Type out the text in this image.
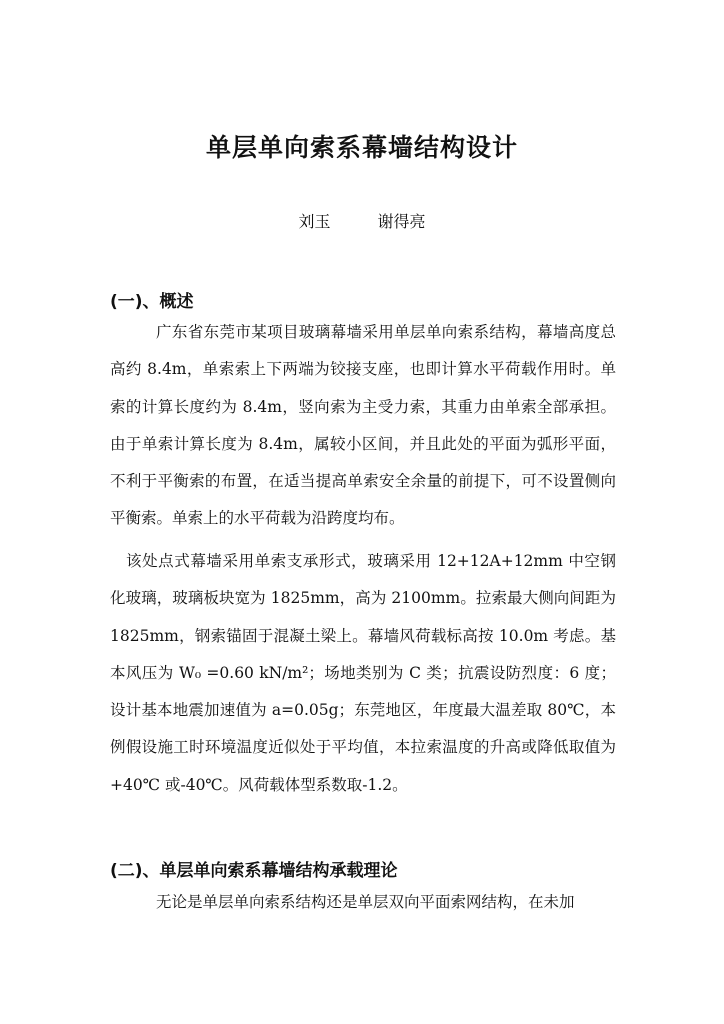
单层单向索系幕墙结构设计
刘玉	谢得亮
(一)、概述

广东省东莞市某项目玻璃幕墙采用单层单向索系结构，幕墙高度总高约 8.4m，单索索上下两端为铰接支座，也即计算水平荷载作用时。单索的计算长度约为 8.4m，竖向索为主受力索，其重力由单索全部承担。由于单索计算长度为 8.4m，属较小区间，并且此处的平面为弧形平面，不利于平衡索的布置，在适当提高单索安全余量的前提下，可不设置侧向平衡索。单索上的水平荷载为沿跨度均布。

该处点式幕墙采用单索支承形式，玻璃采用 12+12A+12mm 中空钢化玻璃，玻璃板块宽为 1825mm，高为 2100mm。拉索最大侧向间距为 1825mm，钢索锚固于混凝土梁上。幕墙风荷载标高按 10.0m 考虑。基本风压为 W₀ =0.60 kN/m²；场地类别为 C 类；抗震设防烈度：6 度；设计基本地震加速值为 a=0.05g；东莞地区，年度最大温差取 80℃，本例假设施工时环境温度近似处于平均值，本拉索温度的升高或降低取值为+40℃ 或-40℃。风荷载体型系数取-1.2。

(二)、单层单向索系幕墙结构承载理论

无论是单层单向索系结构还是单层双向平面索网结构，在未加
